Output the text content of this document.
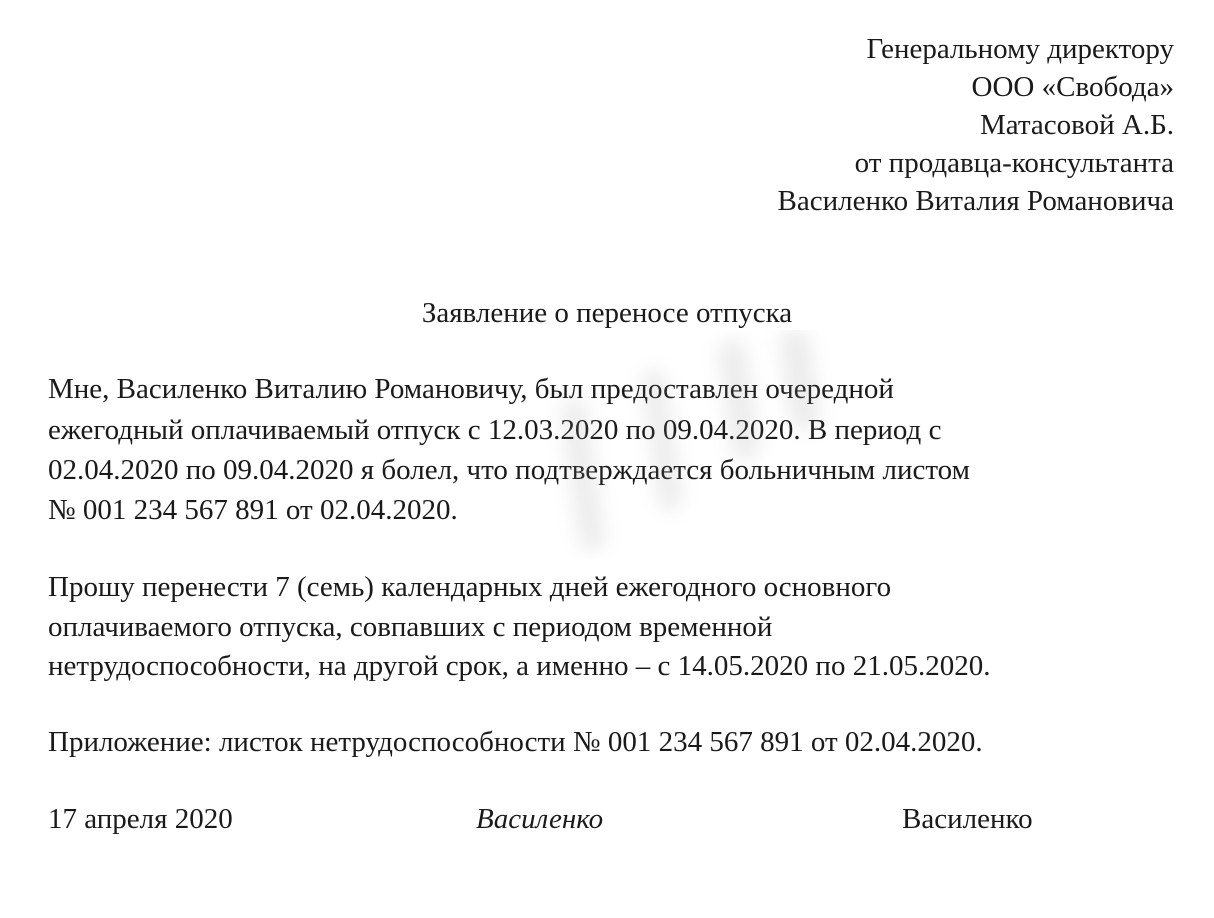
Генеральному директору

ООО «Свобода»

Матасовой А.Б.

от продавца-консультанта

Василенко Виталия Романовича

Заявление о переносе отпуска

Мне, Василенко Виталию Романовичу, был предоставлен очередной

ежегодный оплачиваемый отпуск с 12.03.2020 по 09.04.2020. В период с

02.04.2020 по 09.04.2020 я болел, что подтверждается больничным листом

№ 001 234 567 891 от 02.04.2020.

Прошу перенести 7 (семь) календарных дней ежегодного основного

оплачиваемого отпуска, совпавших с периодом временной

нетрудоспособности, на другой срок, а именно – с 14.05.2020 по 21.05.2020.

Приложение: листок нетрудоспособности № 001 234 567 891 от 02.04.2020.

17 апреля 2020	Василенко	Василенко
